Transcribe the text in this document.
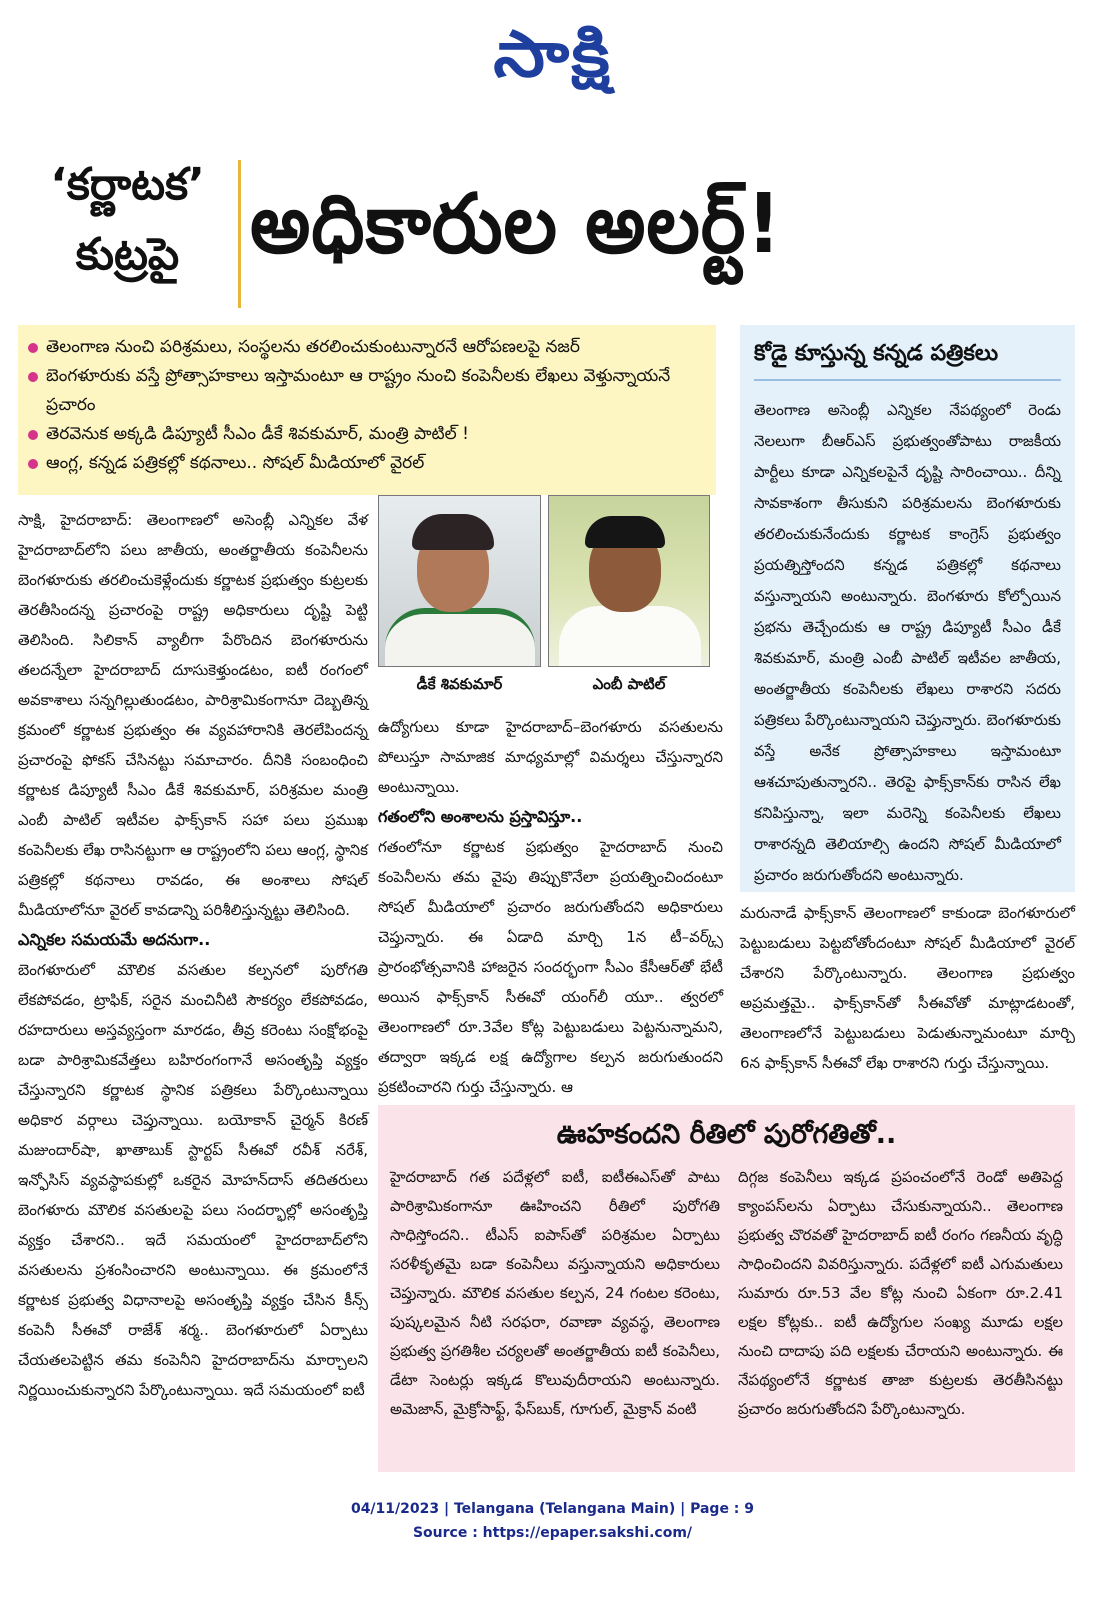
సాక్షి
‘కర్ణాటక’
కుట్రపై అధికారుల అలర్ట్‌!
తెలంగాణ నుంచి పరిశ్రమలు, సంస్థలను తరలించుకుంటున్నారనే ఆరోపణలపై నజర్‌
బెంగళూరుకు వస్తే ప్రోత్సాహకాలు ఇస్తామంటూ ఆ రాష్ట్రం నుంచి కంపెనీలకు లేఖలు వెళ్తున్నాయనే ప్రచారం
తెరవెనుక అక్కడి డిప్యూటీ సీఎం డీకే శివకుమార్‌, మంత్రి పాటిల్‌ !
ఆంగ్ల, కన్నడ పత్రికల్లో కథనాలు.. సోషల్‌ మీడియాలో వైరల్‌
కోడై కూస్తున్న కన్నడ పత్రికలు
తెలంగాణ అసెంబ్లీ ఎన్నికల నేపథ్యంలో రెండు నెలలుగా బీఆర్‌ఎస్‌ ప్రభుత్వంతోపాటు రాజకీయ పార్టీలు కూడా ఎన్నికలపైనే దృష్టి సారించాయి.. దీన్ని సావకాశంగా తీసుకుని పరిశ్రమలను బెంగళూరుకు తరలించుకునేందుకు కర్ణాటక కాంగ్రెస్‌ ప్రభుత్వం ప్రయత్నిస్తోందని కన్నడ పత్రికల్లో కథనాలు వస్తున్నాయని అంటున్నారు. బెంగళూరు కోల్పోయిన ప్రభను తెచ్చేందుకు ఆ రాష్ట్ర డిప్యూటీ సీఎం డీకే శివకుమార్‌, మంత్రి ఎంబీ పాటిల్‌ ఇటీవల జాతీయ, అంతర్జాతీయ కంపెనీలకు లేఖలు రాశారని సదరు పత్రికలు పేర్కొంటున్నాయని చెప్తున్నారు. బెంగళూరుకు వస్తే అనేక ప్రోత్సాహకాలు ఇస్తామంటూ ఆశచూపుతున్నారని.. తెరపై ఫాక్స్‌కాన్‌కు రాసిన లేఖ కనిపిస్తున్నా, ఇలా మరెన్ని కంపెనీలకు లేఖలు రాశారన్నది తెలియాల్సి ఉందని సోషల్‌ మీడియాలో ప్రచారం జరుగుతోందని అంటున్నారు.
సాక్షి, హైదరాబాద్‌: తెలంగాణలో అసెంబ్లీ ఎన్నికల వేళ హైదరాబాద్‌లోని పలు జాతీయ, అంతర్జాతీయ కంపెనీలను బెంగళూరుకు తరలించుకెళ్లేందుకు కర్ణాటక ప్రభుత్వం కుట్రలకు తెరతీసిందన్న ప్రచారంపై రాష్ట్ర అధికారులు దృష్టి పెట్టి తెలిసింది. సిలికాన్‌ వ్యాలీగా పేరొందిన బెంగళూరును తలదన్నేలా హైదరాబాద్‌ దూసుకెళ్తుండటం, ఐటీ రంగంలో అవకాశాలు సన్నగిల్లుతుండటం, పారిశ్రామికంగానూ దెబ్బతిన్న క్రమంలో కర్ణాటక ప్రభుత్వం ఈ వ్యవహారానికి తెరలేపిందన్న ప్రచారంపై ఫోకస్‌ చేసినట్టు సమాచారం. దీనికి సంబంధించి కర్ణాటక డిప్యూటీ సీఎం డీకే శివకుమార్‌, పరిశ్రమల మంత్రి ఎంబీ పాటిల్‌ ఇటీవల ఫాక్స్‌కాన్‌ సహా పలు ప్రముఖ కంపెనీలకు లేఖ రాసినట్టుగా ఆ రాష్ట్రంలోని పలు ఆంగ్ల, స్థానిక పత్రికల్లో కథనాలు రావడం, ఈ అంశాలు సోషల్‌ మీడియాలోనూ వైరల్‌ కావడాన్ని పరిశీలిస్తున్నట్టు తెలిసింది.
ఎన్నికల సమయమే అదనుగా..
బెంగళూరులో మౌలిక వసతుల కల్పనలో పురోగతి లేకపోవడం, ట్రాఫిక్‌, సరైన మంచినీటి సౌకర్యం లేకపోవడం, రహదారులు అస్తవ్యస్తంగా మారడం, తీవ్ర కరెంటు సంక్షోభంపై బడా పారిశ్రామికవేత్తలు బహిరంగంగానే అసంతృప్తి వ్యక్తం చేస్తున్నారని కర్ణాటక స్థానిక పత్రికలు పేర్కొంటున్నాయి అధికార వర్గాలు చెప్తున్నాయి. బయోకాన్‌ చైర్మన్‌ కిరణ్‌ మజుందార్‌షా, ఖాతాబుక్‌ స్టార్టప్‌ సీఈవో రవీశ్‌ నరేశ్‌, ఇన్ఫోసిస్‌ వ్యవస్థాపకుల్లో ఒకరైన మోహన్‌దాస్‌ తదితరులు బెంగళూరు మౌలిక వసతులపై పలు సందర్భాల్లో అసంతృప్తి వ్యక్తం చేశారని.. ఇదే సమయంలో హైదరాబాద్‌లోని వసతులను ప్రశంసించారని అంటున్నాయి. ఈ క్రమంలోనే కర్ణాటక ప్రభుత్వ విధానాలపై అసంతృప్తి వ్యక్తం చేసిన కీన్స్‌ కంపెనీ సీఈవో రాజేశ్‌ శర్మ.. బెంగళూరులో ఏర్పాటు చేయతలపెట్టిన తమ కంపెనీని హైదరాబాద్‌ను మార్చాలని నిర్ణయించుకున్నారని పేర్కొంటున్నాయి. ఇదే సమయంలో ఐటీ
డీకే శివకుమార్‌	ఎంబీ పాటిల్‌
ఉద్యోగులు కూడా హైదరాబాద్‌–బెంగళూరు వసతులను పోలుస్తూ సామాజిక మాధ్యమాల్లో విమర్శలు చేస్తున్నారని అంటున్నాయి.
గతంలోని అంశాలను ప్రస్తావిస్తూ..
గతంలోనూ కర్ణాటక ప్రభుత్వం హైదరాబాద్‌ నుంచి కంపెనీలను తమ వైపు తిప్పుకొనేలా ప్రయత్నించిందంటూ సోషల్‌ మీడియాలో ప్రచారం జరుగుతోందని అధికారులు చెప్తున్నారు. ఈ ఏడాది మార్చి 1న టీ–వర్క్స్‌ ప్రారంభోత్సవానికి హాజరైన సందర్భంగా సీఎం కేసీఆర్‌తో భేటీ అయిన ఫాక్స్‌కాన్‌ సీఈవో యంగ్‌లీ యూ.. త్వరలో తెలంగాణలో రూ.3వేల కోట్ల పెట్టుబడులు పెట్టనున్నామని, తద్వారా ఇక్కడ లక్ష ఉద్యోగాల కల్పన జరుగుతుందని ప్రకటించారని గుర్తు చేస్తున్నారు. ఆ
మరునాడే ఫాక్స్‌కాన్‌ తెలంగాణలో కాకుండా బెంగళూరులో పెట్టుబడులు పెట్టబోతోందంటూ సోషల్‌ మీడియాలో వైరల్‌ చేశారని పేర్కొంటున్నారు. తెలంగాణ ప్రభుత్వం అప్రమత్తమై.. ఫాక్స్‌కాన్‌తో సీఈవోతో మాట్లాడటంతో, తెలంగాణలోనే పెట్టుబడులు పెడుతున్నామంటూ మార్చి 6న ఫాక్స్‌కాన్‌ సీఈవో లేఖ రాశారని గుర్తు చేస్తున్నాయి.
ఊహకందని రీతిలో పురోగతితో..
హైదరాబాద్‌ గత పదేళ్లలో ఐటీ, ఐటీఈఎస్‌తో పాటు పారిశ్రామికంగానూ ఊహించని రీతిలో పురోగతి సాధిస్తోందని.. టీఎస్‌ ఐపాస్‌తో పరిశ్రమల ఏర్పాటు సరళీకృతమై బడా కంపెనీలు వస్తున్నాయని అధికారులు చెప్తున్నారు. మౌలిక వసతుల కల్పన, 24 గంటల కరెంటు, పుష్కలమైన నీటి సరఫరా, రవాణా వ్యవస్థ, తెలంగాణ ప్రభుత్వ ప్రగతిశీల చర్యలతో అంతర్జాతీయ ఐటీ కంపెనీలు, డేటా సెంటర్లు ఇక్కడ కొలువుదీరాయని అంటున్నారు. అమెజాన్‌, మైక్రోసాఫ్ట్‌, ఫేస్‌బుక్‌, గూగుల్‌, మైక్రాన్‌ వంటి
దిగ్గజ కంపెనీలు ఇక్కడ ప్రపంచంలోనే రెండో అతిపెద్ద క్యాంపస్‌లను ఏర్పాటు చేసుకున్నాయని.. తెలంగాణ ప్రభుత్వ చొరవతో హైదరాబాద్‌ ఐటీ రంగం గణనీయ వృద్ధి సాధించిందని వివరిస్తున్నారు. పదేళ్లలో ఐటీ ఎగుమతులు సుమారు రూ.53 వేల కోట్ల నుంచి ఏకంగా రూ.2.41 లక్షల కోట్లకు.. ఐటీ ఉద్యోగుల సంఖ్య మూడు లక్షల నుంచి దాదాపు పది లక్షలకు చేరాయని అంటున్నారు. ఈ నేపథ్యంలోనే కర్ణాటక తాజా కుట్రలకు తెరతీసినట్టు ప్రచారం జరుగుతోందని పేర్కొంటున్నారు.
04/11/2023 | Telangana (Telangana Main) | Page : 9
Source : https://epaper.sakshi.com/
